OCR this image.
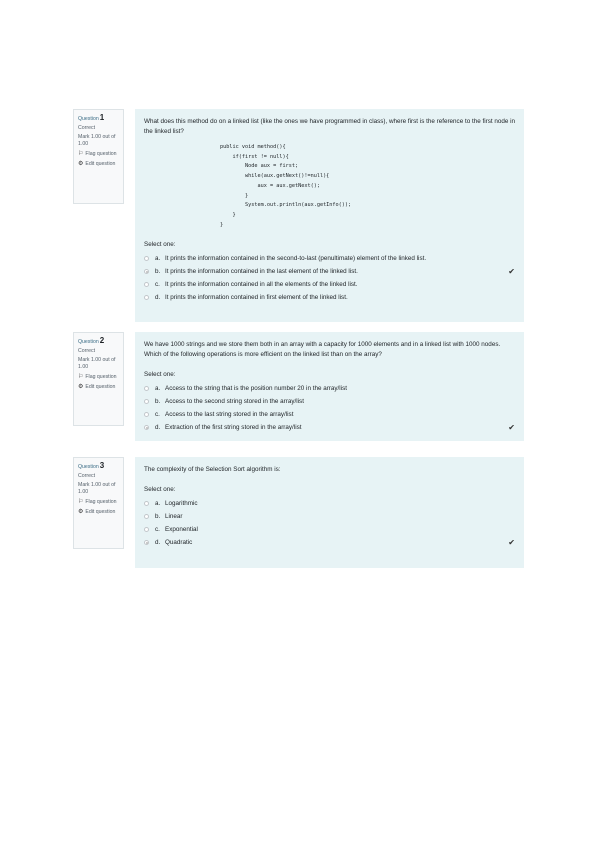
Question1
Correct
Mark 1.00 out of 1.00
⚐ Flag question
⚙ Edit question

What does this method do on a linked list (like the ones we have programmed in class), where first is the reference to the first node in the linked list?

public void method(){
if(first != null){
Node aux = first;
while(aux.getNext()!=null){
aux = aux.getNext();
}
System.out.println(aux.getInfo());
}
}
Select one:
a. It prints the information contained in the second-to-last (penultimate) element of the linked list.
b. It prints the information contained in the last element of the linked list.	✔
c. It prints the information contained in all the elements of the linked list.
d. It prints the information contained in first element of the linked list.
Question2
Correct
Mark 1.00 out of 1.00
⚐ Flag question
⚙ Edit question

We have 1000 strings and we store them both in an array with a capacity for 1000 elements and in a linked list with 1000 nodes. Which of the following operations is more efficient on the linked list than on the array?

Select one:
a. Access to the string that is the position number 20 in the array/list
b. Access to the second string stored in the array/list
c. Access to the last string stored in the array/list
d. Extraction of the first string stored in the array/list	✔
Question3
Correct
Mark 1.00 out of 1.00
⚐ Flag question
⚙ Edit question

The complexity of the Selection Sort algorithm is:

Select one:
a. Logarithmic
b. Linear
c. Exponential
d. Quadratic	✔
